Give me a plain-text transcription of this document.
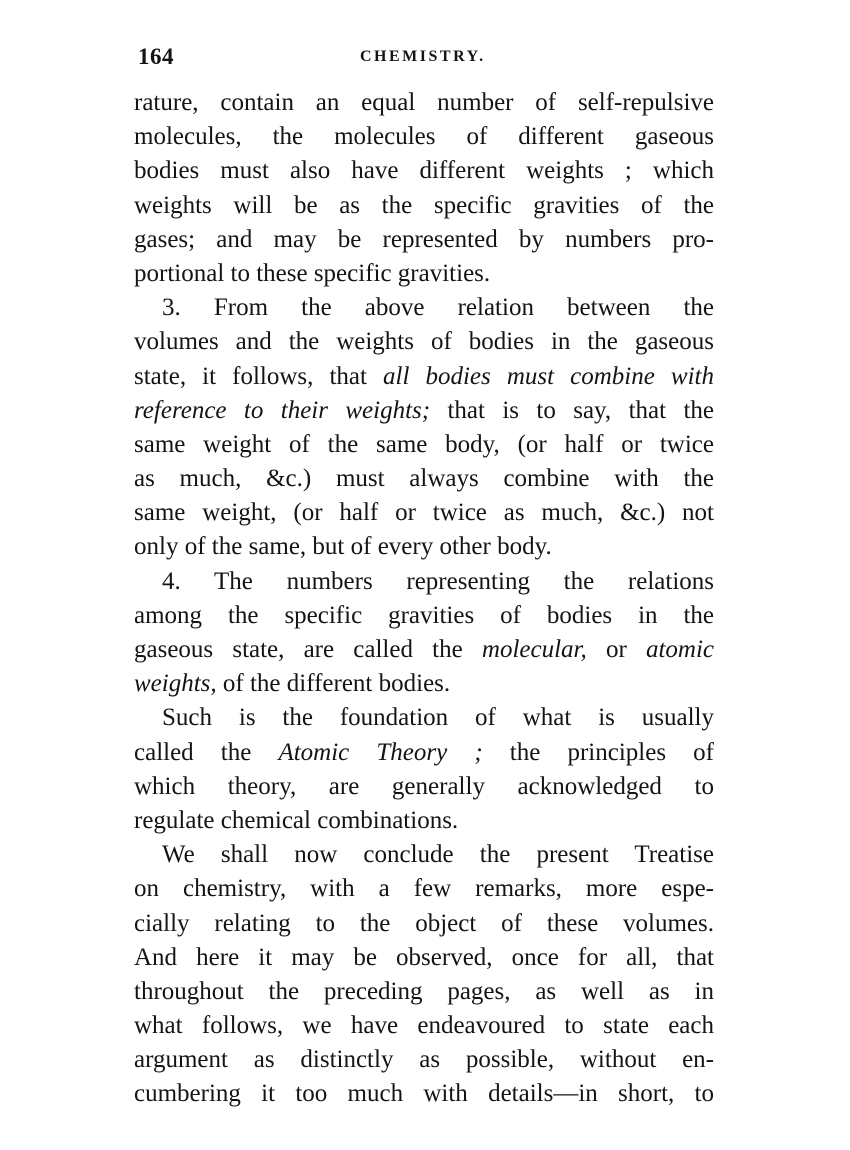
164	CHEMISTRY.
rature, contain an equal number of self-repulsive
molecules, the molecules of different gaseous
bodies must also have different weights ; which
weights will be as the specific gravities of the
gases; and may be represented by numbers pro-
portional to these specific gravities.
3. From the above relation between the
volumes and the weights of bodies in the gaseous
state, it follows, that all bodies must combine with
reference to their weights; that is to say, that the
same weight of the same body, (or half or twice
as much, &c.) must always combine with the
same weight, (or half or twice as much, &c.) not
only of the same, but of every other body.
4. The numbers representing the relations
among the specific gravities of bodies in the
gaseous state, are called the molecular, or atomic
weights, of the different bodies.
Such is the foundation of what is usually
called the Atomic Theory ; the principles of
which theory, are generally acknowledged to
regulate chemical combinations.
We shall now conclude the present Treatise
on chemistry, with a few remarks, more espe-
cially relating to the object of these volumes.
And here it may be observed, once for all, that
throughout the preceding pages, as well as in
what follows, we have endeavoured to state each
argument as distinctly as possible, without en-
cumbering it too much with details—in short, to
